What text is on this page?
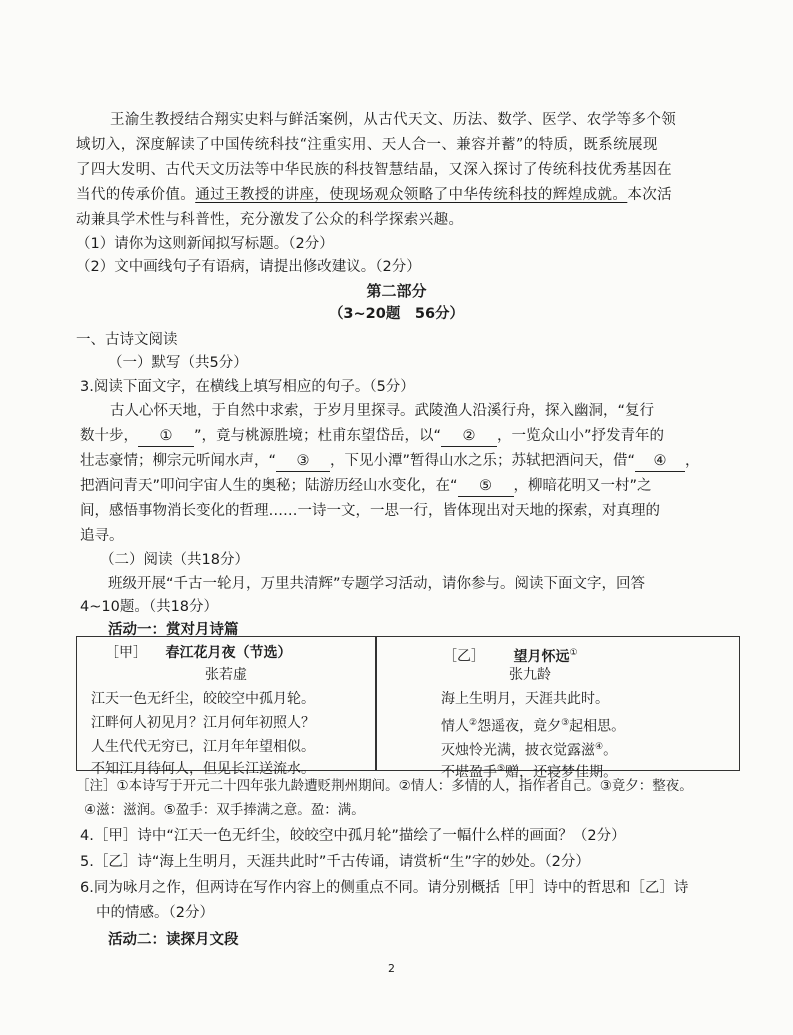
王渝生教授结合翔实史料与鲜活案例，从古代天文、历法、数学、医学、农学等多个领
域切入，深度解读了中国传统科技“注重实用、天人合一、兼容并蓄”的特质，既系统展现
了四大发明、古代天文历法等中华民族的科技智慧结晶，又深入探讨了传统科技优秀基因在
当代的传承价值。通过王教授的讲座，使现场观众领略了中华传统科技的辉煌成就。本次活
动兼具学术性与科普性，充分激发了公众的科学探索兴趣。
（1）请你为这则新闻拟写标题。（2分）
（2）文中画线句子有语病，请提出修改建议。（2分）
第二部分
（3~20题　56分）
一、古诗文阅读
（一）默写（共5分）
3.阅读下面文字，在横线上填写相应的句子。（5分）
古人心怀天地，于自然中求索，于岁月里探寻。武陵渔人沿溪行舟，探入幽洞，“复行
数十步， ① ”，竟与桃源胜境；杜甫东望岱岳，以“ ② ，一览众山小”抒发青年的
壮志豪情；柳宗元听闻水声，“ ③ ，下见小潭”暂得山水之乐；苏轼把酒问天，借“ ④ ，
把酒问青天”叩问宇宙人生的奥秘；陆游历经山水变化，在“ ⑤ ，柳暗花明又一村”之
间，感悟事物消长变化的哲理……一诗一文，一思一行，皆体现出对天地的探索，对真理的
追寻。
（二）阅读（共18分）
班级开展“千古一轮月，万里共清辉”专题学习活动，请你参与。阅读下面文字，回答
4~10题。（共18分）
活动一：赏对月诗篇
［甲］ 春江花月夜（节选）
张若虚
江天一色无纤尘，皎皎空中孤月轮。
江畔何人初见月？江月何年初照人？
人生代代无穷已，江月年年望相似。
不知江月待何人，但见长江送流水。
［乙］ 望月怀远①
张九龄
海上生明月，天涯共此时。
情人②怨遥夜，竟夕③起相思。
灭烛怜光满，披衣觉露滋④。
不堪盈手⑤赠，还寝梦佳期。
［注］①本诗写于开元二十四年张九龄遭贬荆州期间。②情人：多情的人，指作者自己。③竟夕：整夜。
④滋：滋润。⑤盈手：双手捧满之意。盈：满。
4.［甲］诗中“江天一色无纤尘，皎皎空中孤月轮”描绘了一幅什么样的画面？（2分）
5.［乙］诗“海上生明月，天涯共此时”千古传诵，请赏析“生”字的妙处。（2分）
6.同为咏月之作，但两诗在写作内容上的侧重点不同。请分别概括［甲］诗中的哲思和［乙］诗
中的情感。（2分）
活动二：读探月文段
2
